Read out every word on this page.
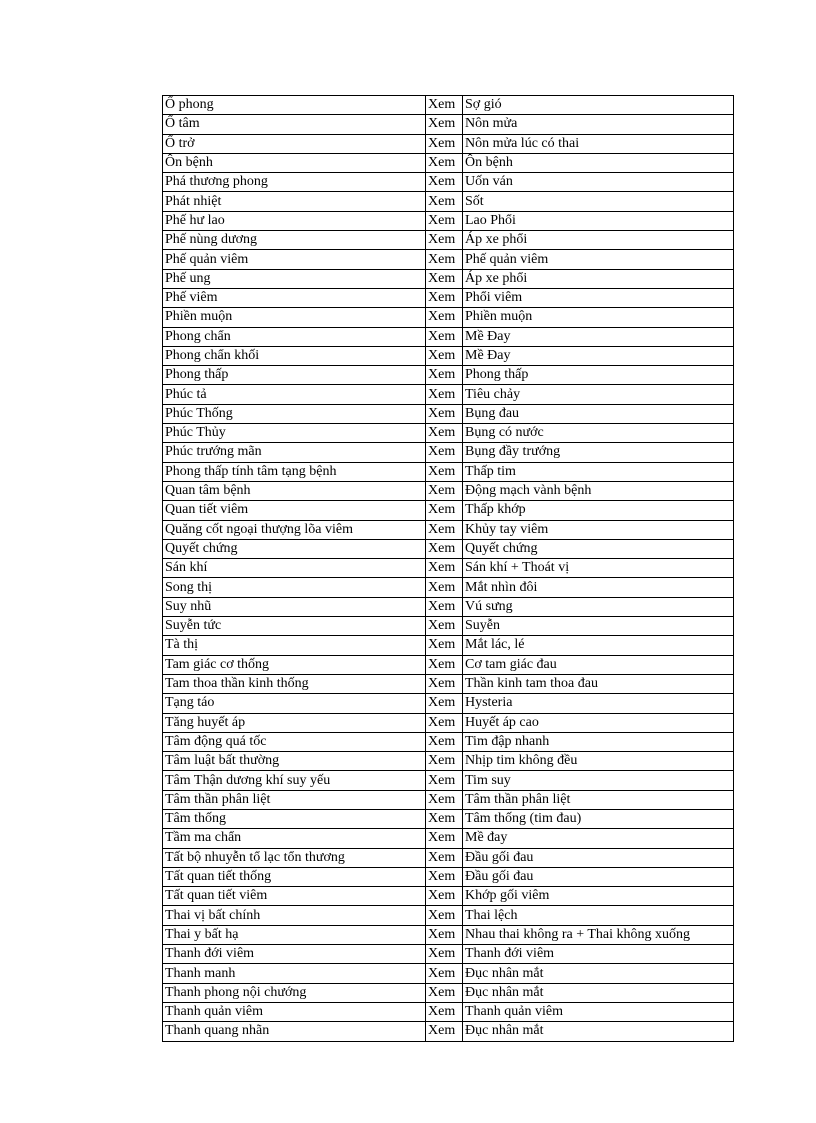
Ố phong	Xem	Sợ gió
Ố tâm	Xem	Nôn mửa
Ố trở	Xem	Nôn mửa lúc có thai
Ôn bệnh	Xem	Ôn bệnh
Phá thương phong	Xem	Uốn ván
Phát nhiệt	Xem	Sốt
Phế hư lao	Xem	Lao Phổi
Phế nùng dương	Xem	Áp xe phổi
Phế quản viêm	Xem	Phế quản viêm
Phế ung	Xem	Áp xe phổi
Phế viêm	Xem	Phổi viêm
Phiền muộn	Xem	Phiền muộn
Phong chẩn	Xem	Mề Đay
Phong chẩn khối	Xem	Mề Đay
Phong thấp	Xem	Phong thấp
Phúc tả	Xem	Tiêu chảy
Phúc Thống	Xem	Bụng đau
Phúc Thủy	Xem	Bụng có nước
Phúc trướng mãn	Xem	Bụng đầy trướng
Phong thấp tính tâm tạng bệnh	Xem	Thấp tim
Quan tâm bệnh	Xem	Động mạch vành bệnh
Quan tiết viêm	Xem	Thấp khớp
Quăng cốt ngoại thượng lõa viêm	Xem	Khủy tay viêm
Quyết chứng	Xem	Quyết chứng
Sán khí	Xem	Sán khí + Thoát vị
Song thị	Xem	Mắt nhìn đôi
Suy nhũ	Xem	Vú sưng
Suyễn tức	Xem	Suyễn
Tà thị	Xem	Mắt lác, lé
Tam giác cơ thống	Xem	Cơ tam giác đau
Tam thoa thần kinh thống	Xem	Thần kinh tam thoa đau
Tạng táo	Xem	Hysteria
Tăng huyết áp	Xem	Huyết áp cao
Tâm động quá tốc	Xem	Tim đập nhanh
Tâm luật bất thường	Xem	Nhịp tim không đều
Tâm Thận dương khí suy yếu	Xem	Tim suy
Tâm thần phân liệt	Xem	Tâm thần phân liệt
Tâm thống	Xem	Tâm thống (tim đau)
Tầm ma chẩn	Xem	Mề đay
Tất bộ nhuyễn tổ lạc tổn thương	Xem	Đầu gối đau
Tất quan tiết thống	Xem	Đầu gối đau
Tất quan tiết viêm	Xem	Khớp gối viêm
Thai vị bất chính	Xem	Thai lệch
Thai y bất hạ	Xem	Nhau thai không ra + Thai không xuống
Thanh đới viêm	Xem	Thanh đới viêm
Thanh manh	Xem	Đục nhân mắt
Thanh phong nội chướng	Xem	Đục nhân mắt
Thanh quản viêm	Xem	Thanh quản viêm
Thanh quang nhãn	Xem	Đục nhân mắt
